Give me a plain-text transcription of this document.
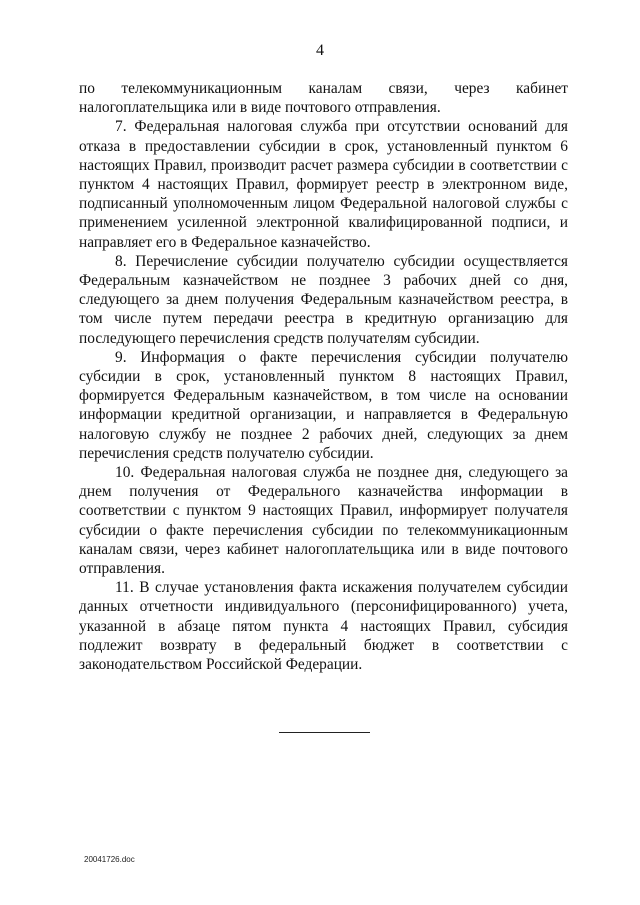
4

по телекоммуникационным каналам связи, через кабинет налогоплательщика или в виде почтового отправления.

7. Федеральная налоговая служба при отсутствии оснований для отказа в предоставлении субсидии в срок, установленный пунктом 6 настоящих Правил, производит расчет размера субсидии в соответствии с пунктом 4 настоящих Правил, формирует реестр в электронном виде, подписанный уполномоченным лицом Федеральной налоговой службы с применением усиленной электронной квалифицированной подписи, и направляет его в Федеральное казначейство.

8. Перечисление субсидии получателю субсидии осуществляется Федеральным казначейством не позднее 3 рабочих дней со дня, следующего за днем получения Федеральным казначейством реестра, в том числе путем передачи реестра в кредитную организацию для последующего перечисления средств получателям субсидии.

9. Информация о факте перечисления субсидии получателю субсидии в срок, установленный пунктом 8 настоящих Правил, формируется Федеральным казначейством, в том числе на основании информации кредитной организации, и направляется в Федеральную налоговую службу не позднее 2 рабочих дней, следующих за днем перечисления средств получателю субсидии.

10. Федеральная налоговая служба не позднее дня, следующего за днем получения от Федерального казначейства информации в соответствии с пунктом 9 настоящих Правил, информирует получателя субсидии о факте перечисления субсидии по телекоммуникационным каналам связи, через кабинет налогоплательщика или в виде почтового отправления.

11. В случае установления факта искажения получателем субсидии данных отчетности индивидуального (персонифицированного) учета, указанной в абзаце пятом пункта 4 настоящих Правил, субсидия подлежит возврату в федеральный бюджет в соответствии с законодательством Российской Федерации.

20041726.doc
